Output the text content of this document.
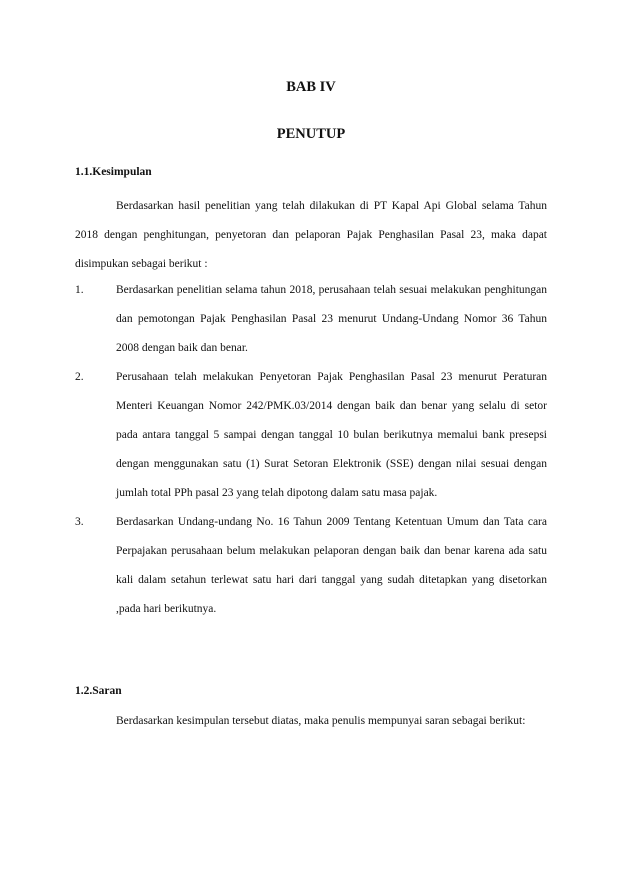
BAB IV
PENUTUP
1.1.Kesimpulan

Berdasarkan hasil penelitian yang telah dilakukan di PT Kapal Api Global selama Tahun 2018 dengan penghitungan, penyetoran dan pelaporan Pajak Penghasilan Pasal 23, maka dapat disimpukan sebagai berikut :

1.	Berdasarkan penelitian selama tahun 2018, perusahaan telah sesuai melakukan penghitungan dan pemotongan Pajak Penghasilan Pasal 23 menurut Undang-Undang Nomor 36 Tahun 2008 dengan baik dan benar.
2.	Perusahaan telah melakukan Penyetoran Pajak Penghasilan Pasal 23 menurut Peraturan Menteri Keuangan Nomor 242/PMK.03/2014 dengan baik dan benar yang selalu di setor pada antara tanggal 5 sampai dengan tanggal 10 bulan berikutnya memalui bank presepsi dengan menggunakan satu (1) Surat Setoran Elektronik (SSE) dengan nilai sesuai dengan jumlah total PPh pasal 23 yang telah dipotong dalam satu masa pajak.
3.	Berdasarkan Undang-undang No. 16 Tahun 2009 Tentang Ketentuan Umum dan Tata cara Perpajakan perusahaan belum melakukan pelaporan dengan baik dan benar karena ada satu kali dalam setahun terlewat satu hari dari tanggal yang sudah ditetapkan yang disetorkan ,pada hari berikutnya.
1.2.Saran

Berdasarkan kesimpulan tersebut diatas, maka penulis mempunyai saran sebagai berikut:
